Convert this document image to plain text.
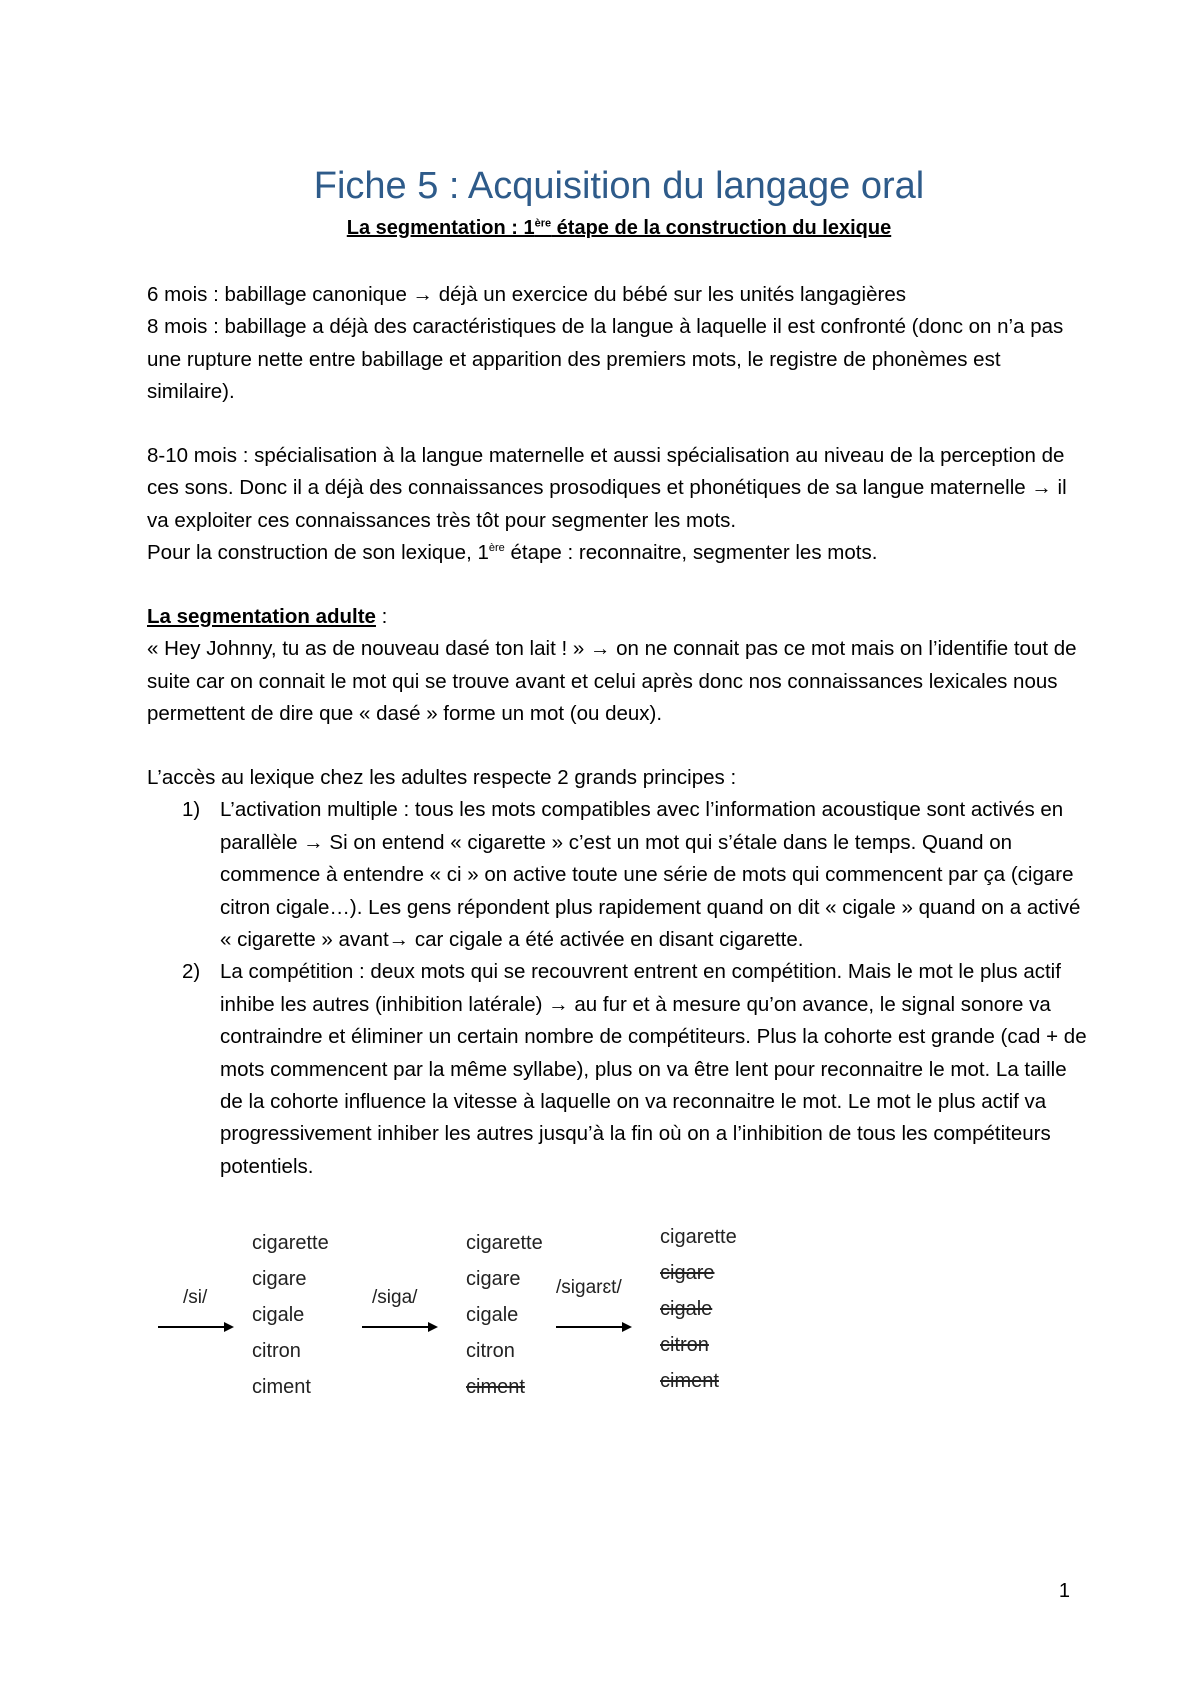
Fiche 5 : Acquisition du langage oral
La segmentation : 1ère étape de la construction du lexique

6 mois : babillage canonique → déjà un exercice du bébé sur les unités langagières

8 mois : babillage a déjà des caractéristiques de la langue à laquelle il est confronté (donc on n’a pas une rupture nette entre babillage et apparition des premiers mots, le registre de phonèmes est similaire).

8-10 mois : spécialisation à la langue maternelle et aussi spécialisation au niveau de la perception de ces sons. Donc il a déjà des connaissances prosodiques et phonétiques de sa langue maternelle → il va exploiter ces connaissances très tôt pour segmenter les mots.

Pour la construction de son lexique, 1ère étape : reconnaitre, segmenter les mots.

La segmentation adulte :

« Hey Johnny, tu as de nouveau dasé ton lait ! » → on ne connait pas ce mot mais on l’identifie tout de suite car on connait le mot qui se trouve avant et celui après donc nos connaissances lexicales nous permettent de dire que « dasé » forme un mot (ou deux).

L’accès au lexique chez les adultes respecte 2 grands principes :

1) L’activation multiple : tous les mots compatibles avec l’information acoustique sont activés en parallèle → Si on entend « cigarette » c’est un mot qui s’étale dans le temps. Quand on commence à entendre « ci » on active toute une série de mots qui commencent par ça (cigare citron cigale…). Les gens répondent plus rapidement quand on dit « cigale » quand on a activé « cigarette » avant→ car cigale a été activée en disant cigarette.
2) La compétition : deux mots qui se recouvrent entrent en compétition. Mais le mot le plus actif inhibe les autres (inhibition latérale) → au fur et à mesure qu’on avance, le signal sonore va contraindre et éliminer un certain nombre de compétiteurs. Plus la cohorte est grande (cad + de mots commencent par la même syllabe), plus on va être lent pour reconnaitre le mot. La taille de la cohorte influence la vitesse à laquelle on va reconnaitre le mot. Le mot le plus actif va progressivement inhiber les autres jusqu’à la fin où on a l’inhibition de tous les compétiteurs potentiels.
/si/
cigarette
cigare
cigale
citron
ciment
/siga/
cigarette
cigare
cigale
citron
ciment
/sigarɛt/
cigarette
cigare
cigale
citron
ciment
1
